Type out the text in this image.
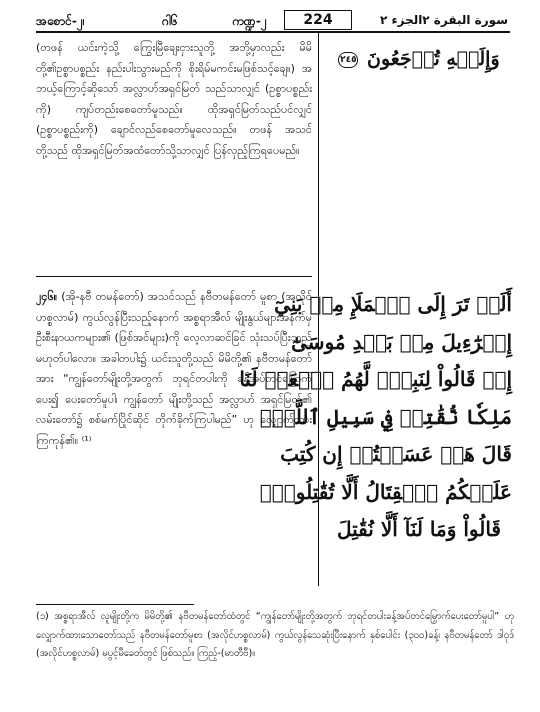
အစောင်-၂၊	ဂါ၆	ကဏ္ဍ-၂	224	الجزء ٢ سورة البقرة ٢

(တဖန် ယင်းကဲ့သို့ ကြွေးမြီချေးငှားသူတို့ အဘို့မှာလည်း မိမိတို့၏ဥစ္စာပစ္စည်း နည်းပါးသွားမည်ကို စိုးရိမ်မကင်းမဖြစ်သင့်ချေ။) အဘယ့်ကြောင့်ဆိုသော် အလ္လာဟ်အရှင်မြတ် သည်သာလျှင် (ဥစ္စာပစ္စည်းကို) ကျပ်တည်းစေတော်မူသည်။ ထိုအရှင်မြတ်သည်ပင်လျှင် (ဥစ္စာပစ္စည်းကို) ချောင်လည်စေတော်မူလေသည်။ တဖန် အသင်တို့သည် ထိုအရှင်မြတ်အထံတော်သို့သာလျှင် ပြန်လှည့်ကြရပေမည်။

၂၄၆။ (အို-နဗီ တမန်တော်) အသင်သည် နဗီတမန်တော် မူစာ (အလိုင်ဟစ္စလာမ်) ကွယ်လွန်ပြီးသည့်နောက် အစ္စရာအီလ် မျိုးနွယ်များအနက်မှ ဦးစီးနာယကများ၏ (ဖြစ်အင်များ)ကို လေ့လာဆင်ခြင် သုံးသပ်ပြီးသည် မဟုတ်ပါလော။ အခါတပါး၌ ယင်းသူတို့သည် မိမိတို့၏ နဗီတမန်တော်အား “ကျွန်တော်မျိုးတို့အတွက် ဘုရင်တပါးကို ခန့်အပ်တင်မြှောက်ပေး၍ ပေးတော်မူပါ၊ ကျွန်တော် မျိုးတို့သည် အလ္လာဟ် အရှင်မြတ်၏ လမ်းတော်၌ စစ်မက်ပြိုင်ဆိုင် တိုက်ခိုက်ကြပါမည်” ဟု လျှောက်ထားကြကုန်၏။ ⁽¹⁾

وَإِلَيۡهِ تُرۡجَعُونَ ٢٤٥
أَلَمۡ تَرَ إِلَى ٱلۡمَلَإِ مِنۢ بَنِيٓ
إِسۡرَٰٓءِيلَ مِنۢ بَعۡدِ مُوسَىٰٓ
إِذۡ قَالُواْ لِنَبِيّٖ لَّهُمُ ٱبۡعَثۡ لَنَا
مَلِكٗا نُّقَٰتِلۡ فِي سَبِيلِ ٱللَّهِۖ
قَالَ هَلۡ عَسَيۡتُمۡ إِن كُتِبَ
عَلَيۡكُمُ ٱلۡقِتَالُ أَلَّا تُقَٰتِلُواْۖ
قَالُواْ وَمَا لَنَآ أَلَّا نُقَٰتِلَ

(၁) အစ္စရာအီလ် လူမျိုးတို့က မိမိတို့၏ နဗီတမန်တော်ထံတွင် “ကျွန်တော်မျိုးတို့အတွက် ဘုရင်တပါးခန့်အပ်တင်မြှောက်ပေးတော်မူပါ” ဟု လျှောက်ထားသောတော်သည် နဗီတမန်တော်မူစာ (အလိုင်ဟစ္စလာမ်) ကွယ်လွန်သေဆုံးပြီးနောက် နှစ်ပေါင်း (၃၀၀)ခန့်၊ နဗီတမန်တော် ဒါဝုဒ် (အလိုင်ဟစ္စလာမ်) မပွင့်မီခေတ်တွင် ဖြစ်သည်။ ကြည့်-(မာတီဗီ)။
